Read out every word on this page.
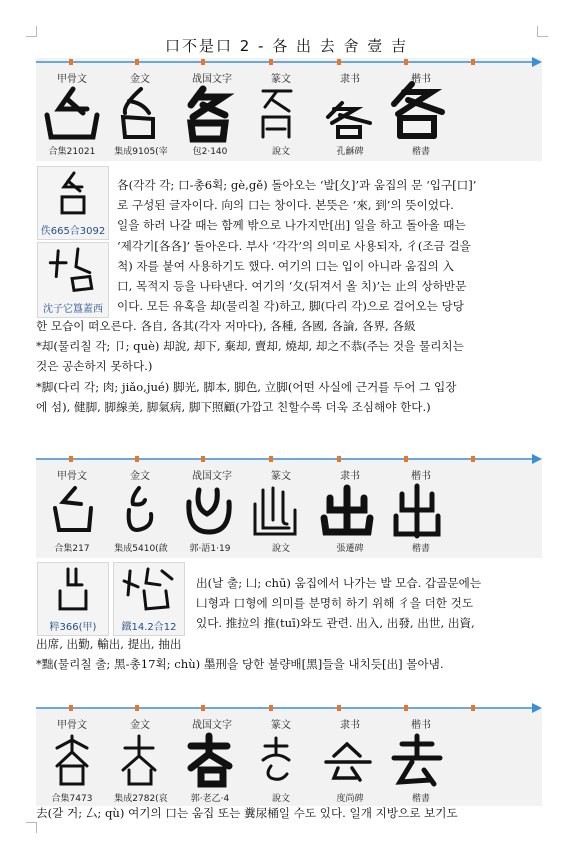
口不是口 2 - 各 出 去 舍 壹 吉
甲骨文	金文	战国文字	篆文	隶书	楷书
合集21021	集成9105(宰	包2·140	說文	孔龢碑	楷書
佚665合3092
沈子它簋蓋西

各(각각 각; 口-총6획; gè,gě) 돌아오는 ‘발[夂]’과 움집의 문 ‘입구[口]’

로 구성된 글자이다. 向의 口는 창이다. 본뜻은 ‘來, 到’의 뜻이었다.

일을 하러 나갈 때는 함께 밖으로 나가지만[出] 일을 하고 돌아올 때는

‘제각기[各各]’ 돌아온다. 부사 ‘각각’의 의미로 사용되자, 彳(조금 걸을

척) 자를 붙여 사용하기도 했다. 여기의 口는 입이 아니라 움집의 入

口, 목적지 등을 나타낸다. 여기의 ‘夂(뒤져서 올 치)’는 止의 상하반문

이다. 모든 유혹을 却(물리칠 각)하고, 脚(다리 각)으로 걸어오는 당당

한 모습이 떠오른다. 各自, 各其(각자 저마다), 各種, 各國, 各論, 各界, 各級

*却(물리칠 각; 卩; què) 却說, 却下, 棄却, 賣却, 燒却, 却之不恭(주는 것을 물리치는

것은 공손하지 못하다.)

*脚(다리 각; 肉; jiǎo,jué) 脚光, 脚本, 脚色, 立脚(어떤 사실에 근거를 두어 그 입장

에 섬), 健脚, 脚線美, 脚氣病, 脚下照顧(가깝고 친할수록 더욱 조심해야 한다.)

甲骨文	金文	战国文字	篆文	隶书	楷书
合集217	集成5410(啟	郭·語1·19	說文	張遷碑	楷書
粹366(甲)	鐵14.2合12

出(날 출; 凵; chū) 움집에서 나가는 발 모습. 갑골문에는

凵형과 口형에 의미를 분명히 하기 위해 彳을 더한 것도

있다. 推拉의 推(tuī)와도 관련. 出入, 出發, 出世, 出資,

出席, 出勤, 輸出, 提出, 抽出

*黜(물리칠 출; 黑-총17획; chù) 墨刑을 당한 불량배[黑]들을 내치듯[出] 몰아냄.

甲骨文	金文	战国文字	篆文	隶书	楷书
合集7473	集成2782(哀	郭·老乙·4	說文	度尚碑	楷書

去(갈 거; 厶; qù) 여기의 口는 움집 또는 糞尿桶일 수도 있다. 일개 지방으로 보기도
